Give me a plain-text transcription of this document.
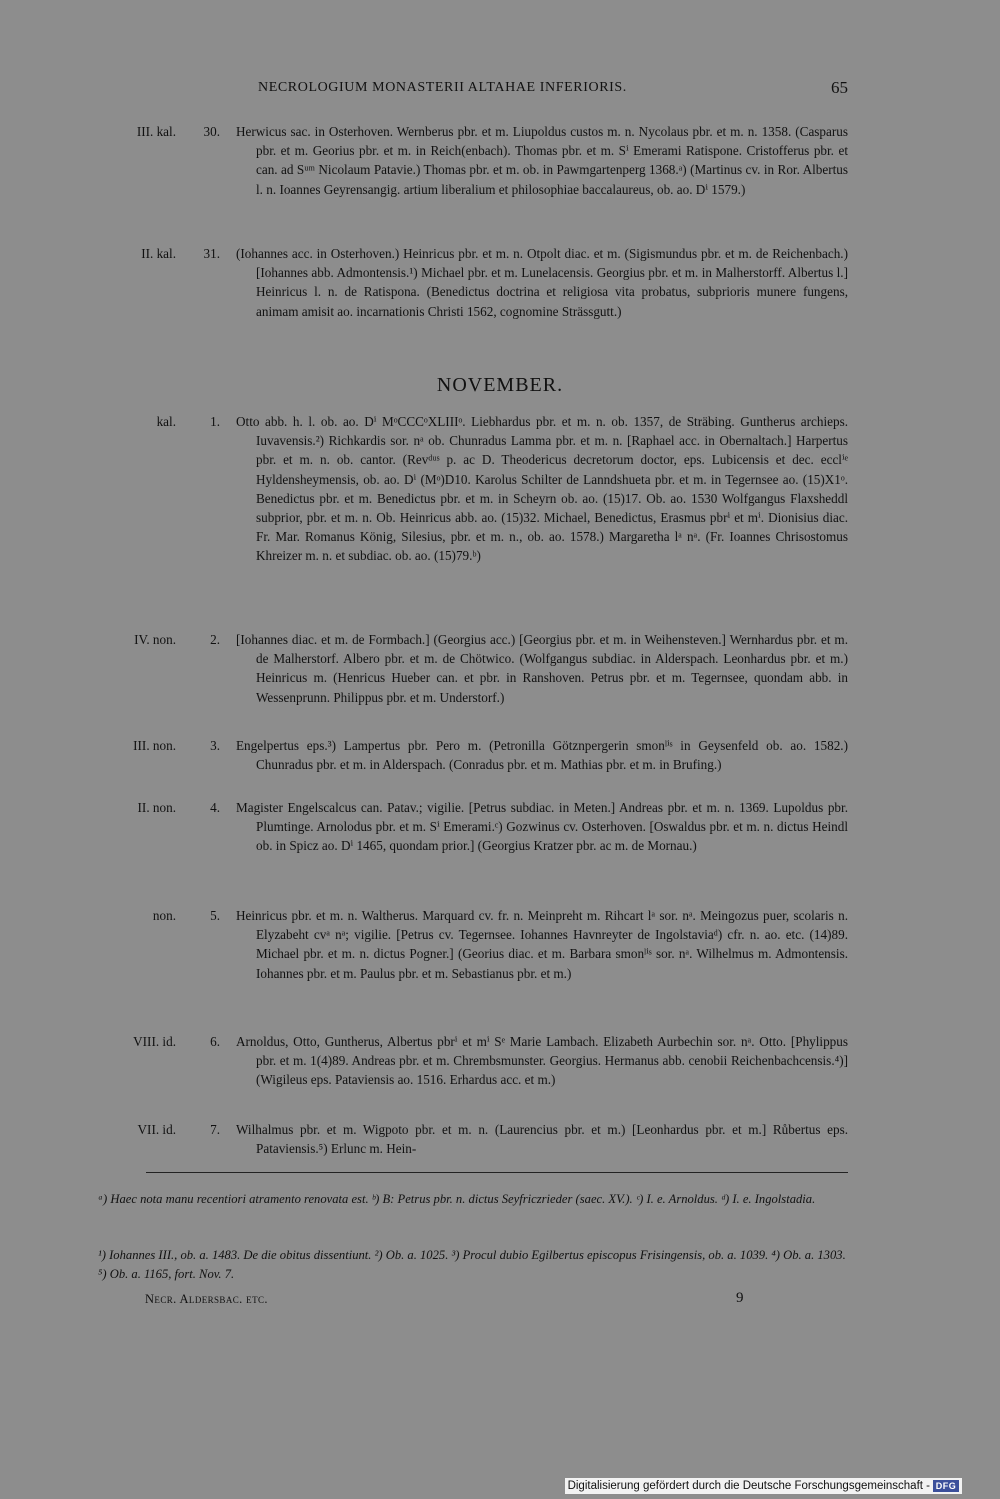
NECROLOGIUM MONASTERII ALTAHAE INFERIORIS.	65
III. kal.	30. Herwicus sac. in Osterhoven. Wernberus pbr. et m. Liupoldus custos m. n. Nycolaus pbr. et m. n. 1358. (Casparus pbr. et m. Georius pbr. et m. in Reich(enbach). Thomas pbr. et m. Sⁱ Emerami Ratispone. Cristofferus pbr. et can. ad Sᵘᵐ Nicolaum Patavie.) Thomas pbr. et m. ob. in Pawmgartenperg 1368.ᵃ) (Martinus cv. in Ror. Albertus l. n. Ioannes Geyrensangig. artium liberalium et philosophiae baccalaureus, ob. ao. Dⁱ 1579.)
II. kal.	31. (Iohannes acc. in Osterhoven.) Heinricus pbr. et m. n. Otpolt diac. et m. (Sigismundus pbr. et m. de Reichenbach.) [Iohannes abb. Admontensis.¹) Michael pbr. et m. Lunelacensis. Georgius pbr. et m. in Malherstorff. Albertus l.] Heinricus l. n. de Ratispona. (Benedictus doctrina et religiosa vita probatus, subprioris munere fungens, animam amisit ao. incarnationis Christi 1562, cognomine Strässgutt.)
NOVEMBER.
kal.	1. Otto abb. h. l. ob. ao. Dⁱ MᵒCCCᵒXLIIIᵒ. Liebhardus pbr. et m. n. ob. 1357, de Sträbing. Guntherus archieps. Iuvavensis.²) Richkardis sor. nᵃ ob. Chunradus Lamma pbr. et m. n. [Raphael acc. in Obernaltach.] Harpertus pbr. et m. n. ob. cantor. (Revᵈᵘˢ p. ac D. Theodericus decretorum doctor, eps. Lubicensis et dec. ecclⁱᵉ Hyldensheymensis, ob. ao. Dⁱ (Mᵒ)D10. Karolus Schilter de Lanndshueta pbr. et m. in Tegernsee ao. (15)X1ᵒ. Benedictus pbr. et m. Benedictus pbr. et m. in Scheyrn ob. ao. (15)17. Ob. ao. 1530 Wolfgangus Flaxsheddl subprior, pbr. et m. n. Ob. Heinricus abb. ao. (15)32. Michael, Benedictus, Erasmus pbrⁱ et mⁱ. Dionisius diac. Fr. Mar. Romanus König, Silesius, pbr. et m. n., ob. ao. 1578.) Margaretha lᵃ nᵃ. (Fr. Ioannes Chrisostomus Khreizer m. n. et subdiac. ob. ao. (15)79.ᵇ)
IV. non.	2. [Iohannes diac. et m. de Formbach.] (Georgius acc.) [Georgius pbr. et m. in Weihensteven.] Wernhardus pbr. et m. de Malherstorf. Albero pbr. et m. de Chötwico. (Wolfgangus subdiac. in Alderspach. Leonhardus pbr. et m.) Heinricus m. (Henricus Hueber can. et pbr. in Ranshoven. Petrus pbr. et m. Tegernsee, quondam abb. in Wessenprunn. Philippus pbr. et m. Understorf.)
III. non.	3. Engelpertus eps.³) Lampertus pbr. Pero m. (Petronilla Götznpergerin smonˡⁱˢ in Geysenfeld ob. ao. 1582.) Chunradus pbr. et m. in Alderspach. (Conradus pbr. et m. Mathias pbr. et m. in Brufing.)
II. non.	4. Magister Engelscalcus can. Patav.; vigilie. [Petrus subdiac. in Meten.] Andreas pbr. et m. n. 1369. Lupoldus pbr. Plumtinge. Arnolodus pbr. et m. Sⁱ Emerami.ᶜ) Gozwinus cv. Osterhoven. [Oswaldus pbr. et m. n. dictus Heindl ob. in Spicz ao. Dⁱ 1465, quondam prior.] (Georgius Kratzer pbr. ac m. de Mornau.)
non.	5. Heinricus pbr. et m. n. Waltherus. Marquard cv. fr. n. Meinpreht m. Rihcart lᵃ sor. nᵃ. Meingozus puer, scolaris n. Elyzabeht cvᵃ nᵃ; vigilie. [Petrus cv. Tegernsee. Iohannes Havnreyter de Ingolstaviaᵈ) cfr. n. ao. etc. (14)89. Michael pbr. et m. n. dictus Pogner.] (Georius diac. et m. Barbara smonˡⁱˢ sor. nᵃ. Wilhelmus m. Admontensis. Iohannes pbr. et m. Paulus pbr. et m. Sebastianus pbr. et m.)
VIII. id.	6. Arnoldus, Otto, Guntherus, Albertus pbrⁱ et mⁱ Sᵉ Marie Lambach. Elizabeth Aurbechin sor. nᵃ. Otto. [Phylippus pbr. et m. 1(4)89. Andreas pbr. et m. Chrembsmunster. Georgius. Hermanus abb. cenobii Reichenbachcensis.⁴)] (Wigileus eps. Pataviensis ao. 1516. Erhardus acc. et m.)
VII. id.	7. Wilhalmus pbr. et m. Wigpoto pbr. et m. n. (Laurencius pbr. et m.) [Leonhardus pbr. et m.] Růbertus eps. Pataviensis.⁵) Erlunc m. Hein-
ᵃ) Haec nota manu recentiori atramento renovata est. ᵇ) B: Petrus pbr. n. dictus Seyfriczrieder (saec. XV.). ᶜ) I. e. Arnoldus. ᵈ) I. e. Ingolstadia.
¹) Iohannes III., ob. a. 1483. De die obitus dissentiunt. ²) Ob. a. 1025. ³) Procul dubio Egilbertus episcopus Frisingensis, ob. a. 1039. ⁴) Ob. a. 1303. ⁵) Ob. a. 1165, fort. Nov. 7.
Necr. Aldersbac. etc.	9
Digitalisierung gefördert durch die Deutsche Forschungsgemeinschaft - DFG
